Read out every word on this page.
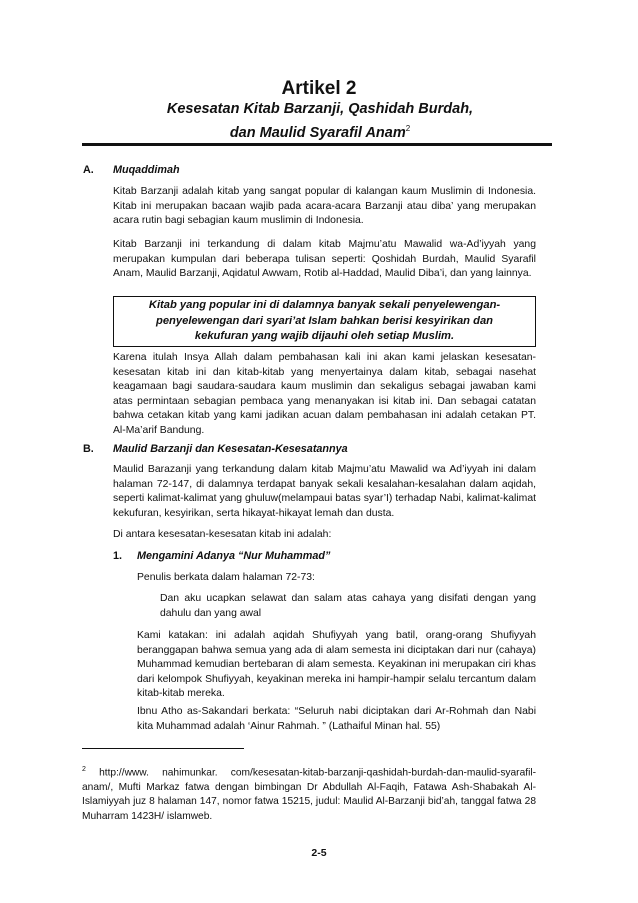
Artikel 2
Kesesatan Kitab Barzanji, Qashidah Burdah,
dan Maulid Syarafil Anam$^2$
A. Muqaddimah
Kitab Barzanji adalah kitab yang sangat popular di kalangan kaum Muslimin di Indonesia. Kitab ini merupakan bacaan wajib pada acara-acara Barzanji atau diba’ yang merupakan acara rutin bagi sebagian kaum muslimin di Indonesia.
Kitab Barzanji ini terkandung di dalam kitab Majmu’atu Mawalid wa-Ad’iyyah yang merupakan kumpulan dari beberapa tulisan seperti: Qoshidah Burdah, Maulid Syarafil Anam, Maulid Barzanji, Aqidatul Awwam, Rotib al-Haddad, Maulid Diba’i, dan yang lainnya.
Kitab yang popular ini di dalamnya banyak sekali penyelewengan-
penyelewengan dari syari’at Islam bahkan berisi kesyirikan dan
kekufuran yang wajib dijauhi oleh setiap Muslim.
Karena itulah Insya Allah dalam pembahasan kali ini akan kami jelaskan kesesatan-kesesatan kitab ini dan kitab-kitab yang menyertainya dalam kitab, sebagai nasehat keagamaan bagi saudara-saudara kaum muslimin dan sekaligus sebagai jawaban kami atas permintaan sebagian pembaca yang menanyakan isi kitab ini. Dan sebagai catatan bahwa cetakan kitab yang kami jadikan acuan dalam pembahasan ini adalah cetakan PT. Al-Ma’arif Bandung.
B. Maulid Barzanji dan Kesesatan-Kesesatannya
Maulid Barazanji yang terkandung dalam kitab Majmu’atu Mawalid wa Ad’iyyah ini dalam halaman 72-147, di dalamnya terdapat banyak sekali kesalahan-kesalahan dalam aqidah, seperti kalimat-kalimat yang ghuluw(melampaui batas syar’I) terhadap Nabi, kalimat-kalimat kekufuran, kesyirikan, serta hikayat-hikayat lemah dan dusta.
Di antara kesesatan-kesesatan kitab ini adalah:
1. Mengamini Adanya “Nur Muhammad”
Penulis berkata dalam halaman 72-73:
Dan aku ucapkan selawat dan salam atas cahaya yang disifati dengan yang dahulu dan yang awal
Kami katakan: ini adalah aqidah Shufiyyah yang batil, orang-orang Shufiyyah beranggapan bahwa semua yang ada di alam semesta ini diciptakan dari nur (cahaya) Muhammad kemudian bertebaran di alam semesta. Keyakinan ini merupakan ciri khas dari kelompok Shufiyyah, keyakinan mereka ini hampir-hampir selalu tercantum dalam kitab-kitab mereka.
Ibnu Atho as-Sakandari berkata: “Seluruh nabi diciptakan dari Ar-Rohmah dan Nabi kita Muhammad adalah ‘Ainur Rahmah. ” (Lathaiful Minan hal. 55)
$^2$ http://www. nahimunkar. com/kesesatan-kitab-barzanji-qashidah-burdah-dan-maulid-syarafil-anam/, Mufti Markaz fatwa dengan bimbingan Dr Abdullah Al-Faqih, Fatawa Ash-Shabakah Al-Islamiyyah juz 8 halaman 147, nomor fatwa 15215, judul: Maulid Al-Barzanji bid’ah, tanggal fatwa 28 Muharram 1423H/ islamweb.
2-5
